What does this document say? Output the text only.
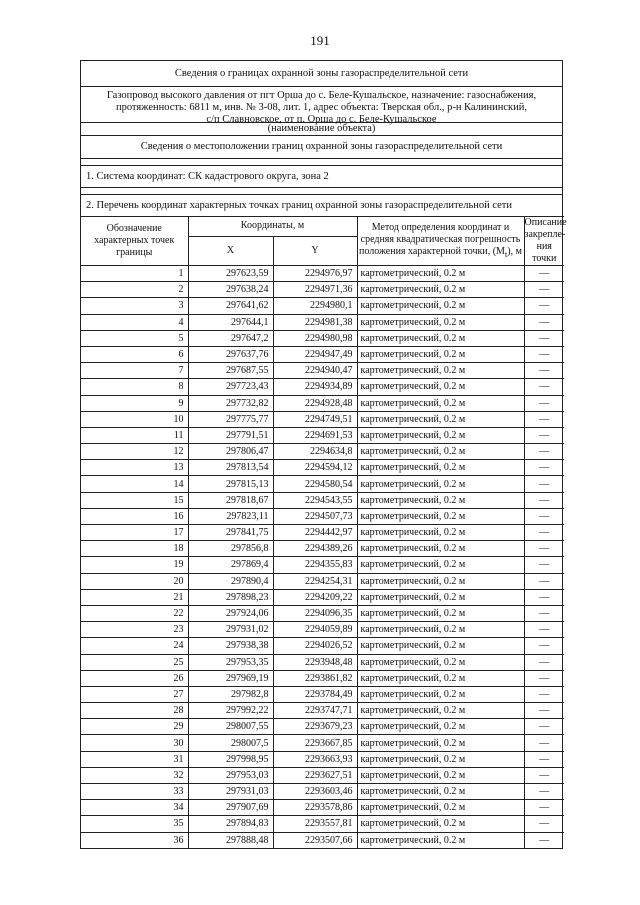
191
Сведения о границах охранной зоны газораспределительной сети
Газопровод высокого давления от пгт Орша до с. Беле-Кушальское, назначение: газоснабжения,
протяженность: 6811 м, инв. № 3-08, лит. 1, адрес объекта: Тверская обл., р-н Калининский,
с/п Славновское, от п. Орша до с. Беле-Кушальское
(наименование объекта)
Сведения о местоположении границ охранной зоны газораспределительной сети
1. Система координат: СК кадастрового округа, зона 2
2. Перечень координат характерных точках границ охранной зоны газораспределительной сети
Обозначение характерных точек границы	Координаты, м		Метод определения координат и средняя квадратическая погрешность положения характерной точки, $(M_t)$, м	Описание закрепле-ния точки
	X	Y		
1	297623,59	2294976,97	картометрический, 0.2 м	—
2	297638,24	2294971,36	картометрический, 0.2 м	—
3	297641,62	2294980,1	картометрический, 0.2 м	—
4	297644,1	2294981,38	картометрический, 0.2 м	—
5	297647,2	2294980,98	картометрический, 0.2 м	—
6	297637,76	2294947,49	картометрический, 0.2 м	—
7	297687,55	2294940,47	картометрический, 0.2 м	—
8	297723,43	2294934,89	картометрический, 0.2 м	—
9	297732,82	2294928,48	картометрический, 0.2 м	—
10	297775,77	2294749,51	картометрический, 0.2 м	—
11	297791,51	2294691,53	картометрический, 0.2 м	—
12	297806,47	2294634,8	картометрический, 0.2 м	—
13	297813,54	2294594,12	картометрический, 0.2 м	—
14	297815,13	2294580,54	картометрический, 0.2 м	—
15	297818,67	2294543,55	картометрический, 0.2 м	—
16	297823,11	2294507,73	картометрический, 0.2 м	—
17	297841,75	2294442,97	картометрический, 0.2 м	—
18	297856,8	2294389,26	картометрический, 0.2 м	—
19	297869,4	2294355,83	картометрический, 0.2 м	—
20	297890,4	2294254,31	картометрический, 0.2 м	—
21	297898,23	2294209,22	картометрический, 0.2 м	—
22	297924,06	2294096,35	картометрический, 0.2 м	—
23	297931,02	2294059,89	картометрический, 0.2 м	—
24	297938,38	2294026,52	картометрический, 0.2 м	—
25	297953,35	2293948,48	картометрический, 0.2 м	—
26	297969,19	2293861,82	картометрический, 0.2 м	—
27	297982,8	2293784,49	картометрический, 0.2 м	—
28	297992,22	2293747,71	картометрический, 0.2 м	—
29	298007,55	2293679,23	картометрический, 0.2 м	—
30	298007,5	2293667,85	картометрический, 0.2 м	—
31	297998,95	2293663,93	картометрический, 0.2 м	—
32	297953,03	2293627,51	картометрический, 0.2 м	—
33	297931,03	2293603,46	картометрический, 0.2 м	—
34	297907,69	2293578,86	картометрический, 0.2 м	—
35	297894,83	2293557,81	картометрический, 0.2 м	—
36	297888,48	2293507,66	картометрический, 0.2 м	—
